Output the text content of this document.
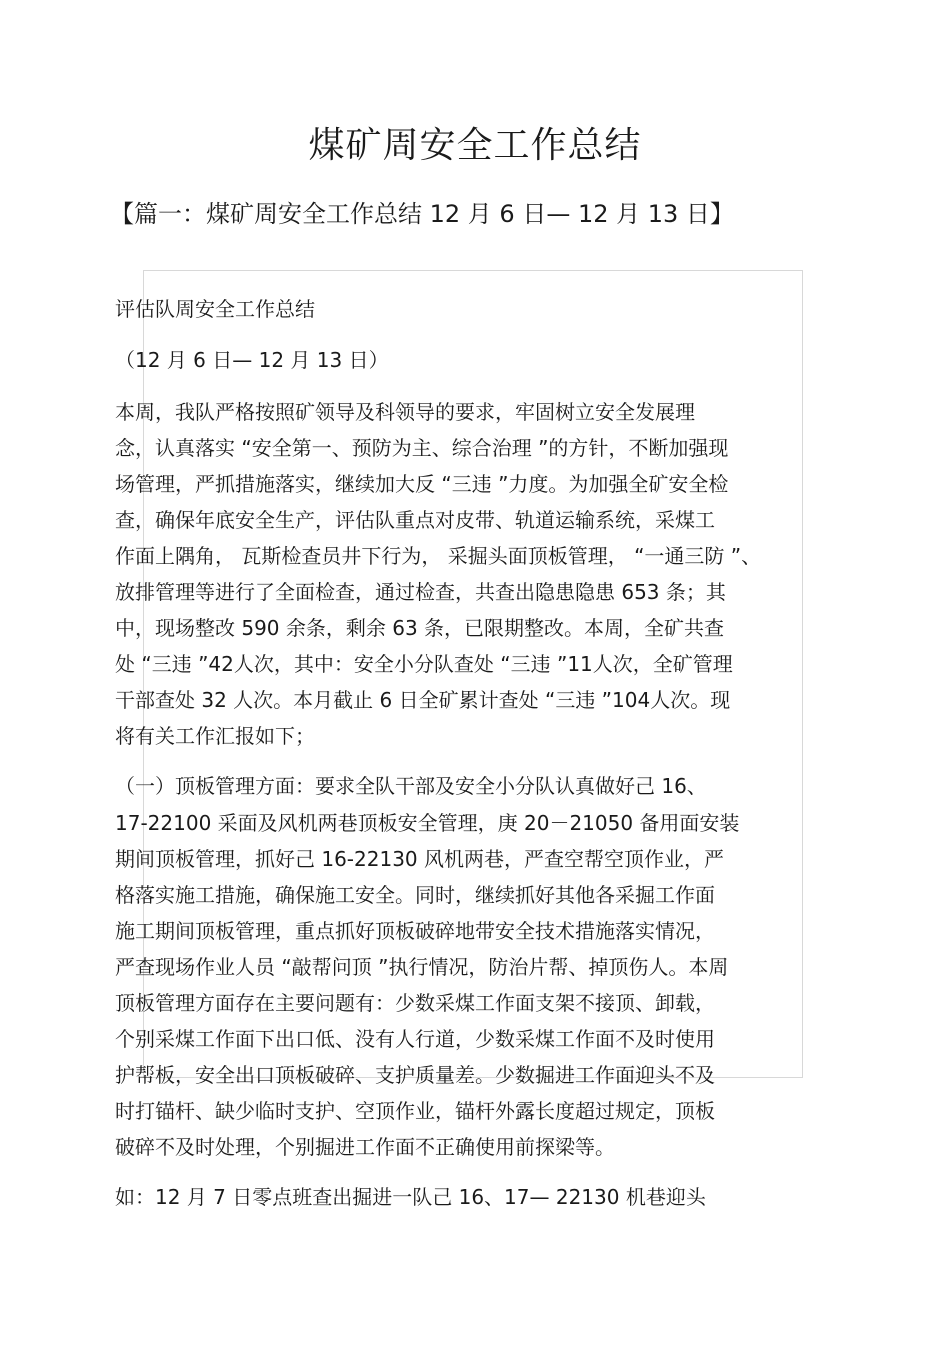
煤矿周安全工作总结
【篇一：煤矿周安全工作总结 12 月 6 日— 12 月 13 日】
评估队周安全工作总结
（12 月 6 日— 12 月 13 日）
本周，我队严格按照矿领导及科领导的要求，牢固树立安全发展理
念，认真落实 “安全第一、预防为主、综合治理 ”的方针，不断加强现
场管理，严抓措施落实，继续加大反 “三违 ”力度。为加强全矿安全检
查，确保年底安全生产，评估队重点对皮带、轨道运输系统，采煤工
作面上隅角， 瓦斯检查员井下行为， 采掘头面顶板管理， “一通三防 ”、
放排管理等进行了全面检查，通过检查，共查出隐患隐患 653 条；其
中，现场整改 590 余条，剩余 63 条，已限期整改。本周，全矿共查
处 “三违 ”42人次，其中：安全小分队查处 “三违 ”11人次，全矿管理
干部查处 32 人次。本月截止 6 日全矿累计查处 “三违 ”104人次。现
将有关工作汇报如下；
（一）顶板管理方面：要求全队干部及安全小分队认真做好己 16、
17-22100 采面及风机两巷顶板安全管理，庚 20－21050 备用面安装
期间顶板管理，抓好己 16-22130 风机两巷，严查空帮空顶作业，严
格落实施工措施，确保施工安全。同时，继续抓好其他各采掘工作面
施工期间顶板管理，重点抓好顶板破碎地带安全技术措施落实情况，
严查现场作业人员 “敲帮问顶 ”执行情况，防治片帮、掉顶伤人。本周
顶板管理方面存在主要问题有：少数采煤工作面支架不接顶、卸载，
个别采煤工作面下出口低、没有人行道，少数采煤工作面不及时使用
护帮板，安全出口顶板破碎、支护质量差。少数掘进工作面迎头不及
时打锚杆、缺少临时支护、空顶作业，锚杆外露长度超过规定，顶板
破碎不及时处理，个别掘进工作面不正确使用前探梁等。
如：12 月 7 日零点班查出掘进一队己 16、17— 22130 机巷迎头
